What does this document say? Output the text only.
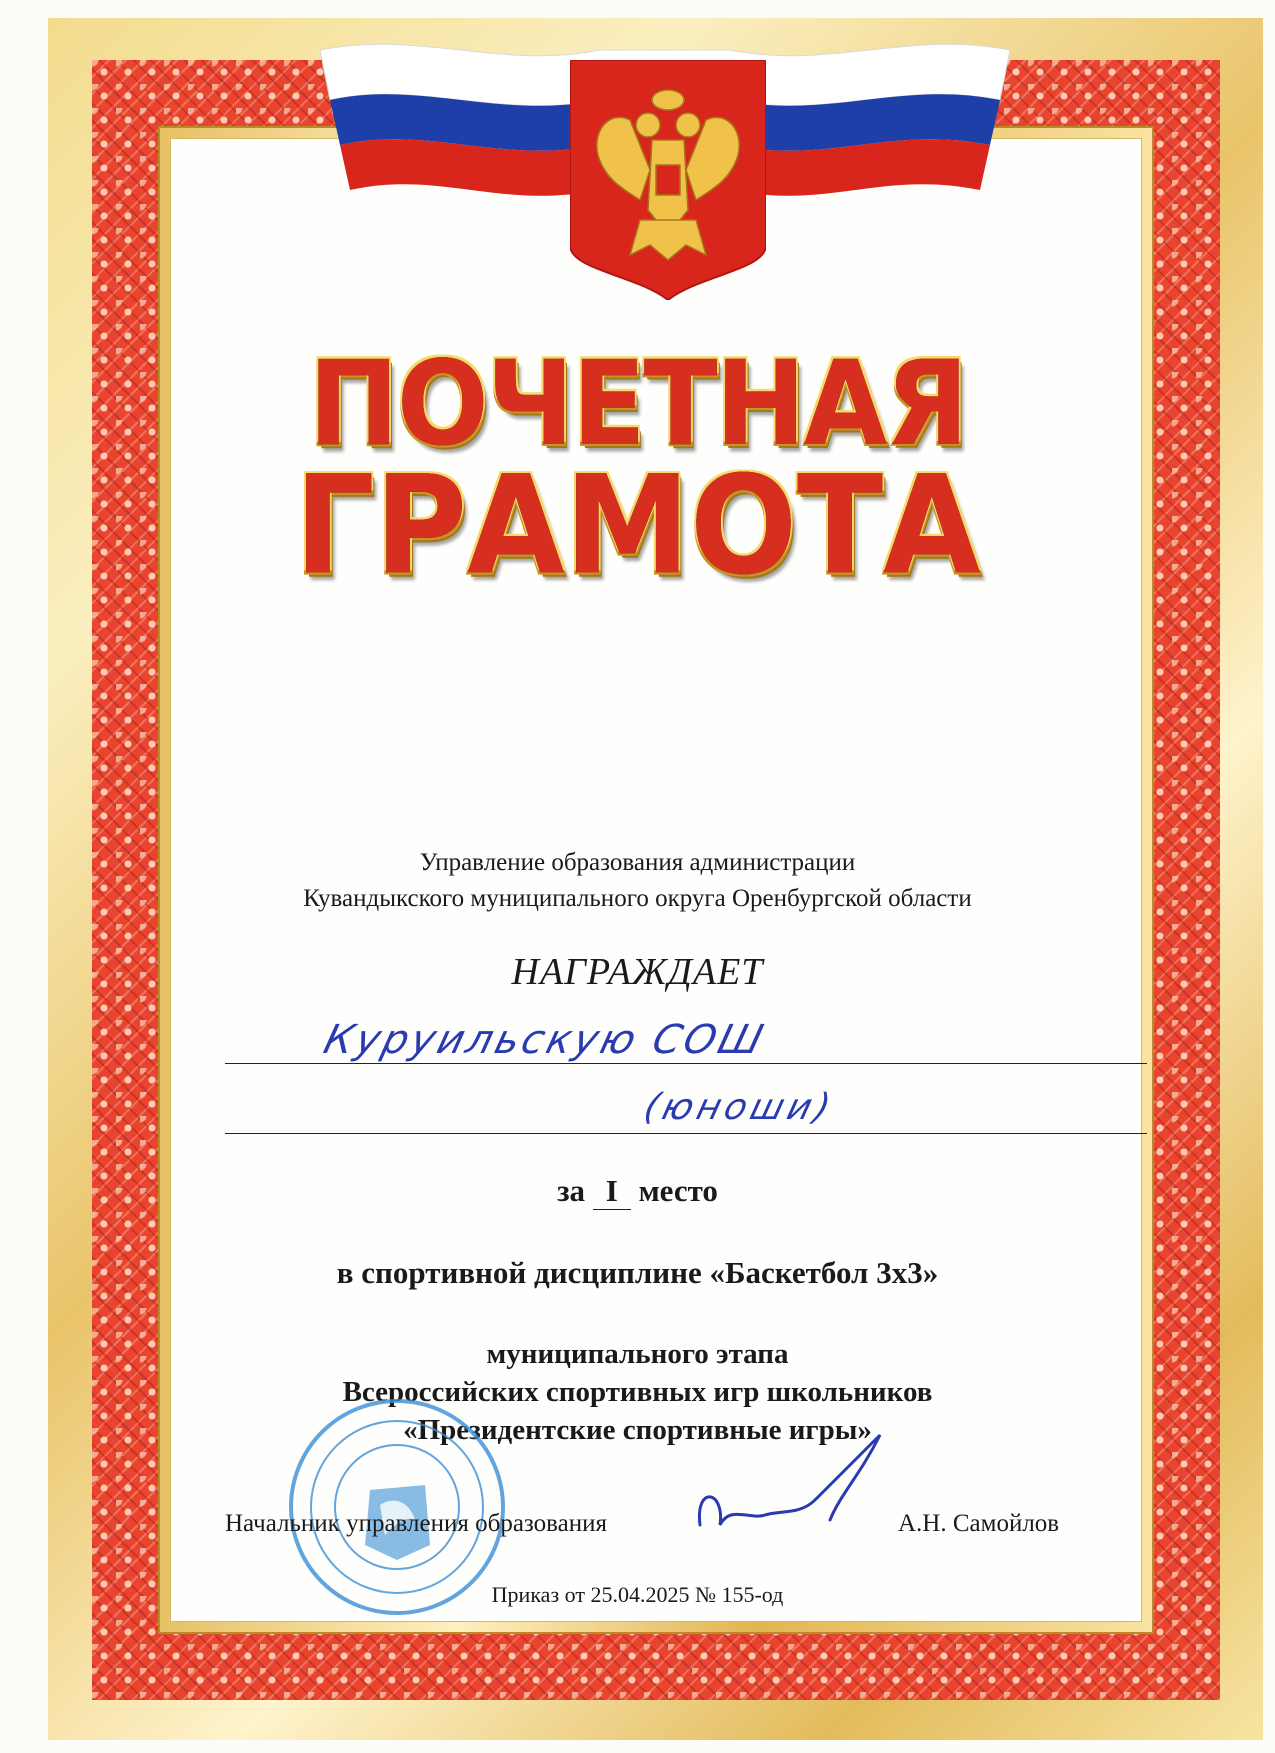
ПОЧЕТНАЯ
ГРАМОТА
Управление образования администрации
Кувандыкского муниципального округа Оренбургской области
НАГРАЖДАЕТ
Куруильскую СОШ
(юноши)
за I место
в спортивной дисциплине «Баскетбол 3х3»
муниципального этапа
Всероссийских спортивных игр школьников
«Президентские спортивные игры»
Начальник управления образования	А.Н. Самойлов
Приказ от 25.04.2025 № 155-од
